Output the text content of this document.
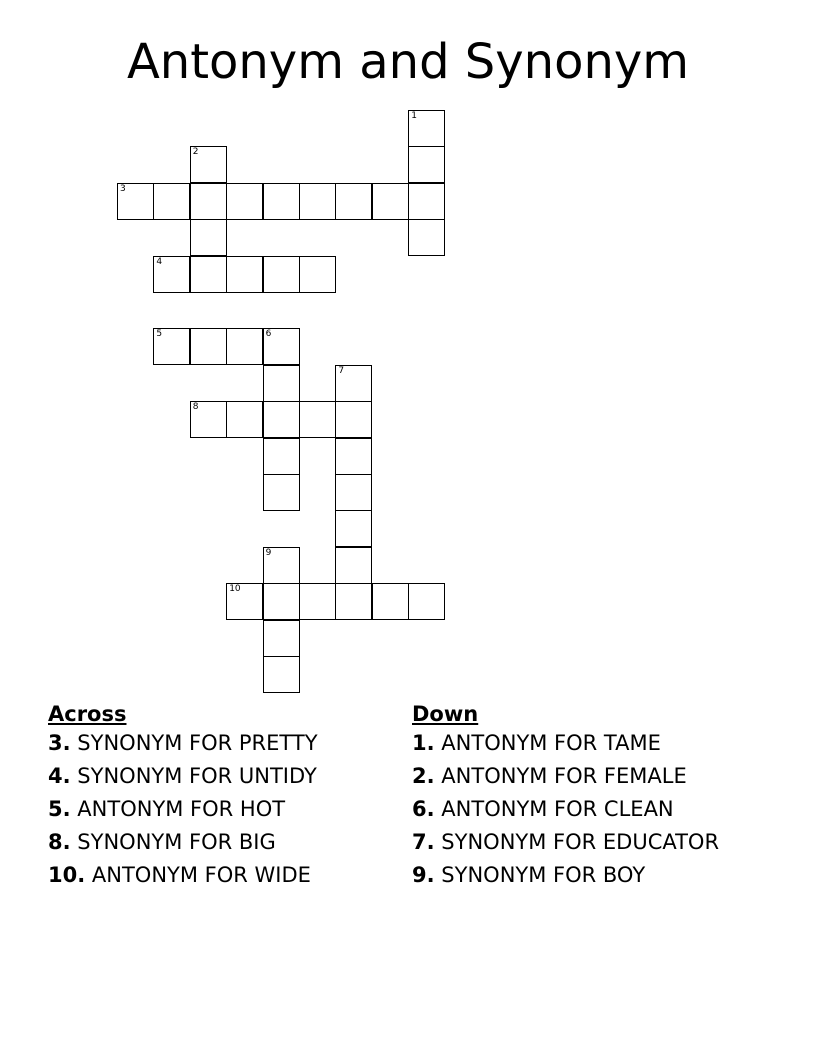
Antonym and Synonym
1
2
3
4
5	6
7
8
9
10
Across
3. SYNONYM FOR PRETTY
4. SYNONYM FOR UNTIDY
5. ANTONYM FOR HOT
8. SYNONYM FOR BIG
10. ANTONYM FOR WIDE
Down
1. ANTONYM FOR TAME
2. ANTONYM FOR FEMALE
6. ANTONYM FOR CLEAN
7. SYNONYM FOR EDUCATOR
9. SYNONYM FOR BOY
